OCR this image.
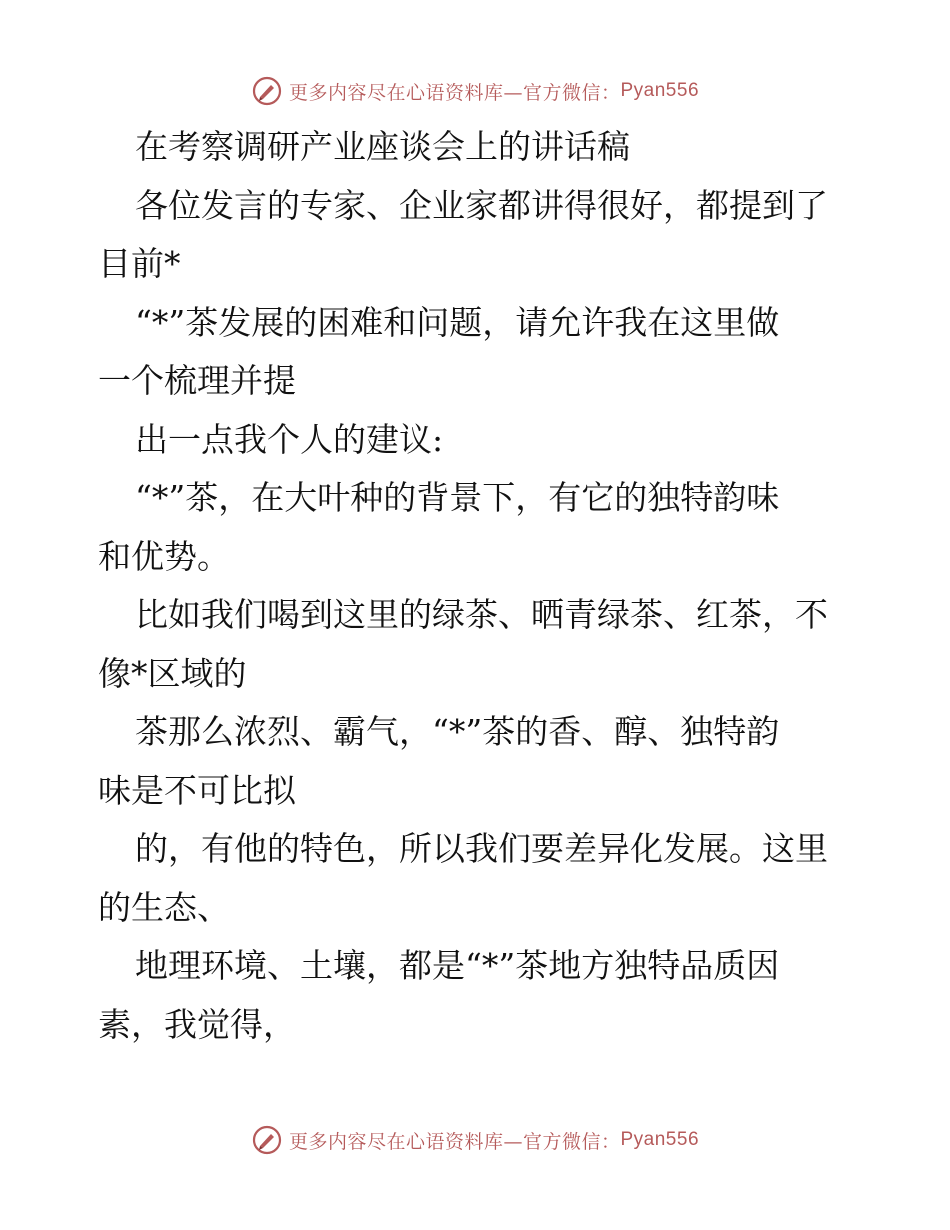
更多内容尽在心语资料库—官方微信： Pyan556

在考察调研产业座谈会上的讲话稿

各位发言的专家、企业家都讲得很好，都提到了

目前*

“*”茶发展的困难和问题，请允许我在这里做

一个梳理并提

出一点我个人的建议:

“*”茶，在大叶种的背景下，有它的独特韵味

和优势。

比如我们喝到这里的绿茶、晒青绿茶、红茶，不

像*区域的

茶那么浓烈、霸气，“*”茶的香、醇、独特韵

味是不可比拟

的，有他的特色，所以我们要差异化发展。这里

的生态、

地理环境、土壤，都是“*”茶地方独特品质因

素，我觉得，

更多内容尽在心语资料库—官方微信： Pyan556
